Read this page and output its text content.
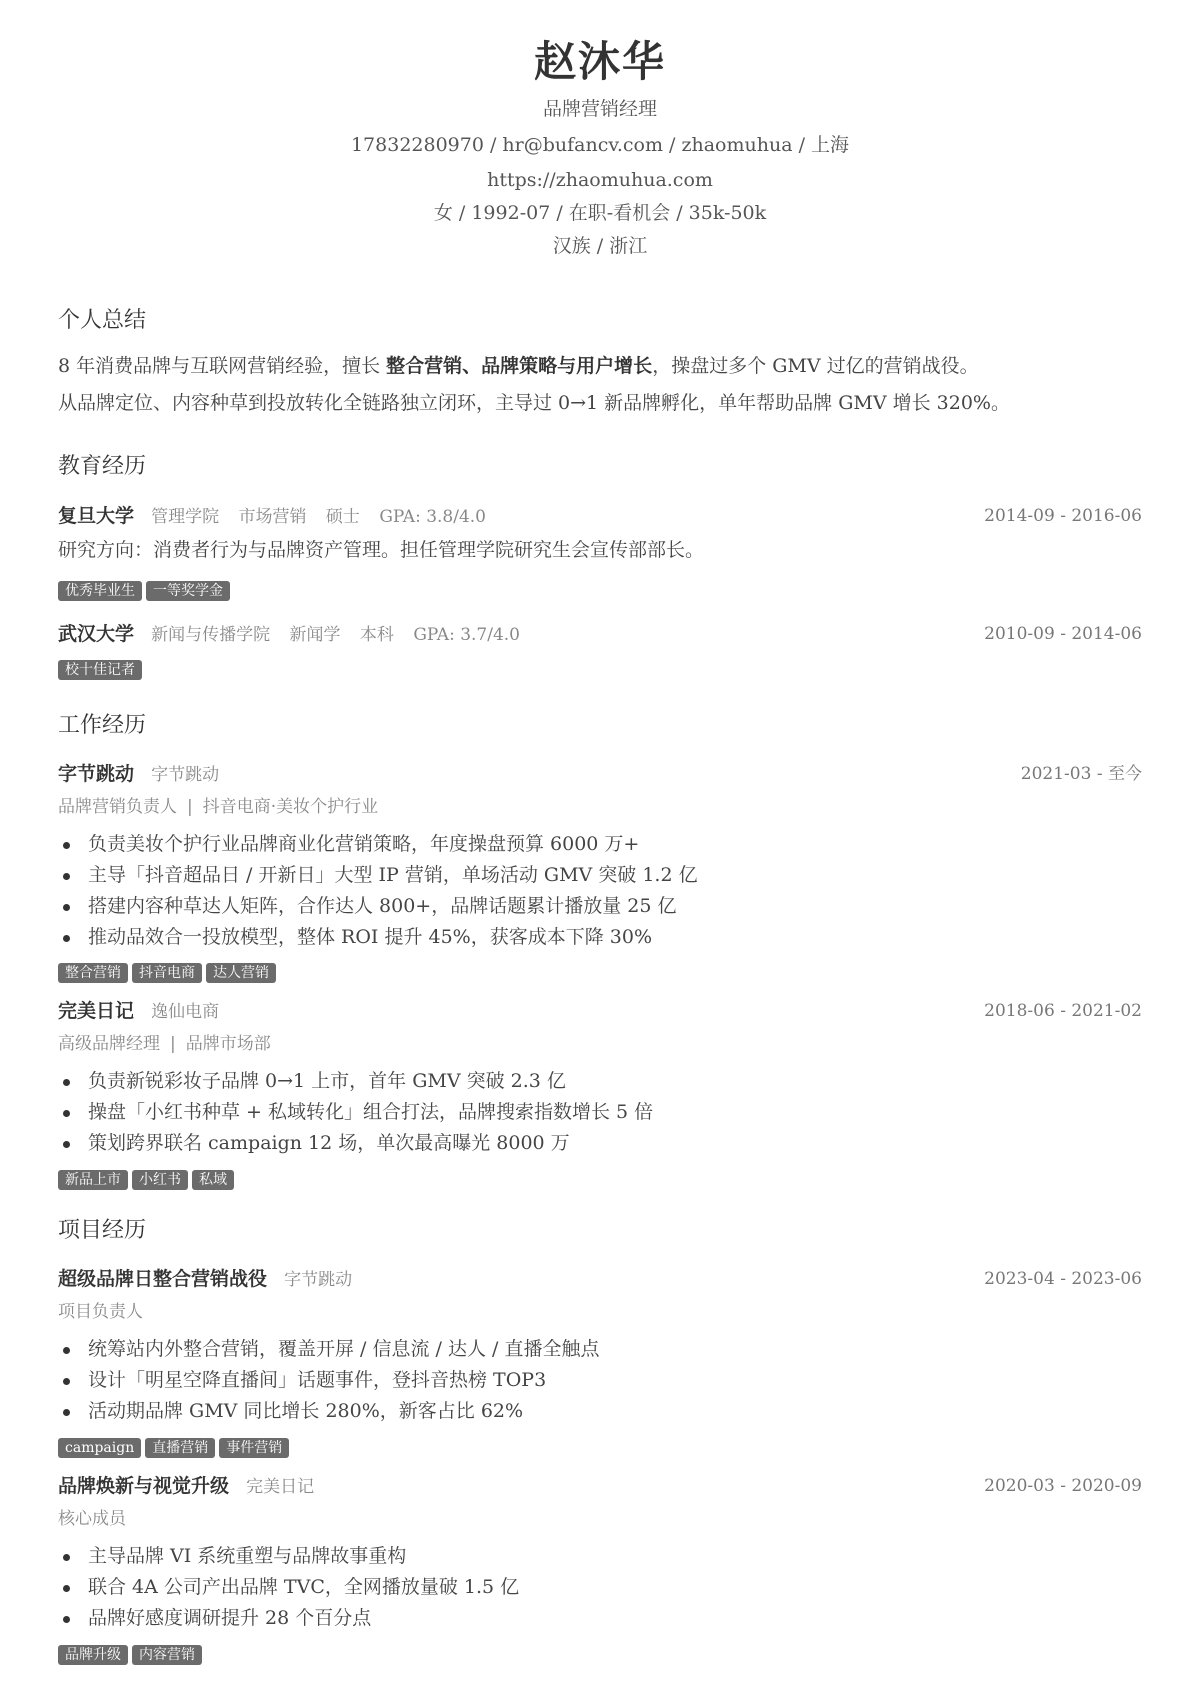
赵沐华
品牌营销经理
17832280970 / hr@bufancv.com / zhaomuhua / 上海
https://zhaomuhua.com
女 / 1992-07 / 在职-看机会 / 35k-50k
汉族 / 浙江
个人总结
8 年消费品牌与互联网营销经验，擅长 整合营销、品牌策略与用户增长，操盘过多个 GMV 过亿的营销战役。
从品牌定位、内容种草到投放转化全链路独立闭环，主导过 0→1 新品牌孵化，单年帮助品牌 GMV 增长 320%。
教育经历
复旦大学 管理学院 市场营销 硕士 GPA: 3.8/4.0	2014-09 - 2016-06
研究方向：消费者行为与品牌资产管理。担任管理学院研究生会宣传部部长。
优秀毕业生 一等奖学金
武汉大学 新闻与传播学院 新闻学 本科 GPA: 3.7/4.0	2010-09 - 2014-06
校十佳记者
工作经历
字节跳动 字节跳动	2021-03 - 至今
品牌营销负责人 | 抖音电商·美妆个护行业
负责美妆个护行业品牌商业化营销策略，年度操盘预算 6000 万+
主导「抖音超品日 / 开新日」大型 IP 营销，单场活动 GMV 突破 1.2 亿
搭建内容种草达人矩阵，合作达人 800+，品牌话题累计播放量 25 亿
推动品效合一投放模型，整体 ROI 提升 45%，获客成本下降 30%
整合营销 抖音电商 达人营销
完美日记 逸仙电商	2018-06 - 2021-02
高级品牌经理 | 品牌市场部
负责新锐彩妆子品牌 0→1 上市，首年 GMV 突破 2.3 亿
操盘「小红书种草 + 私域转化」组合打法，品牌搜索指数增长 5 倍
策划跨界联名 campaign 12 场，单次最高曝光 8000 万
新品上市 小红书 私域
项目经历
超级品牌日整合营销战役 字节跳动	2023-04 - 2023-06
项目负责人
统筹站内外整合营销，覆盖开屏 / 信息流 / 达人 / 直播全触点
设计「明星空降直播间」话题事件，登抖音热榜 TOP3
活动期品牌 GMV 同比增长 280%，新客占比 62%
campaign 直播营销 事件营销
品牌焕新与视觉升级 完美日记	2020-03 - 2020-09
核心成员
主导品牌 VI 系统重塑与品牌故事重构
联合 4A 公司产出品牌 TVC，全网播放量破 1.5 亿
品牌好感度调研提升 28 个百分点
品牌升级 内容营销
